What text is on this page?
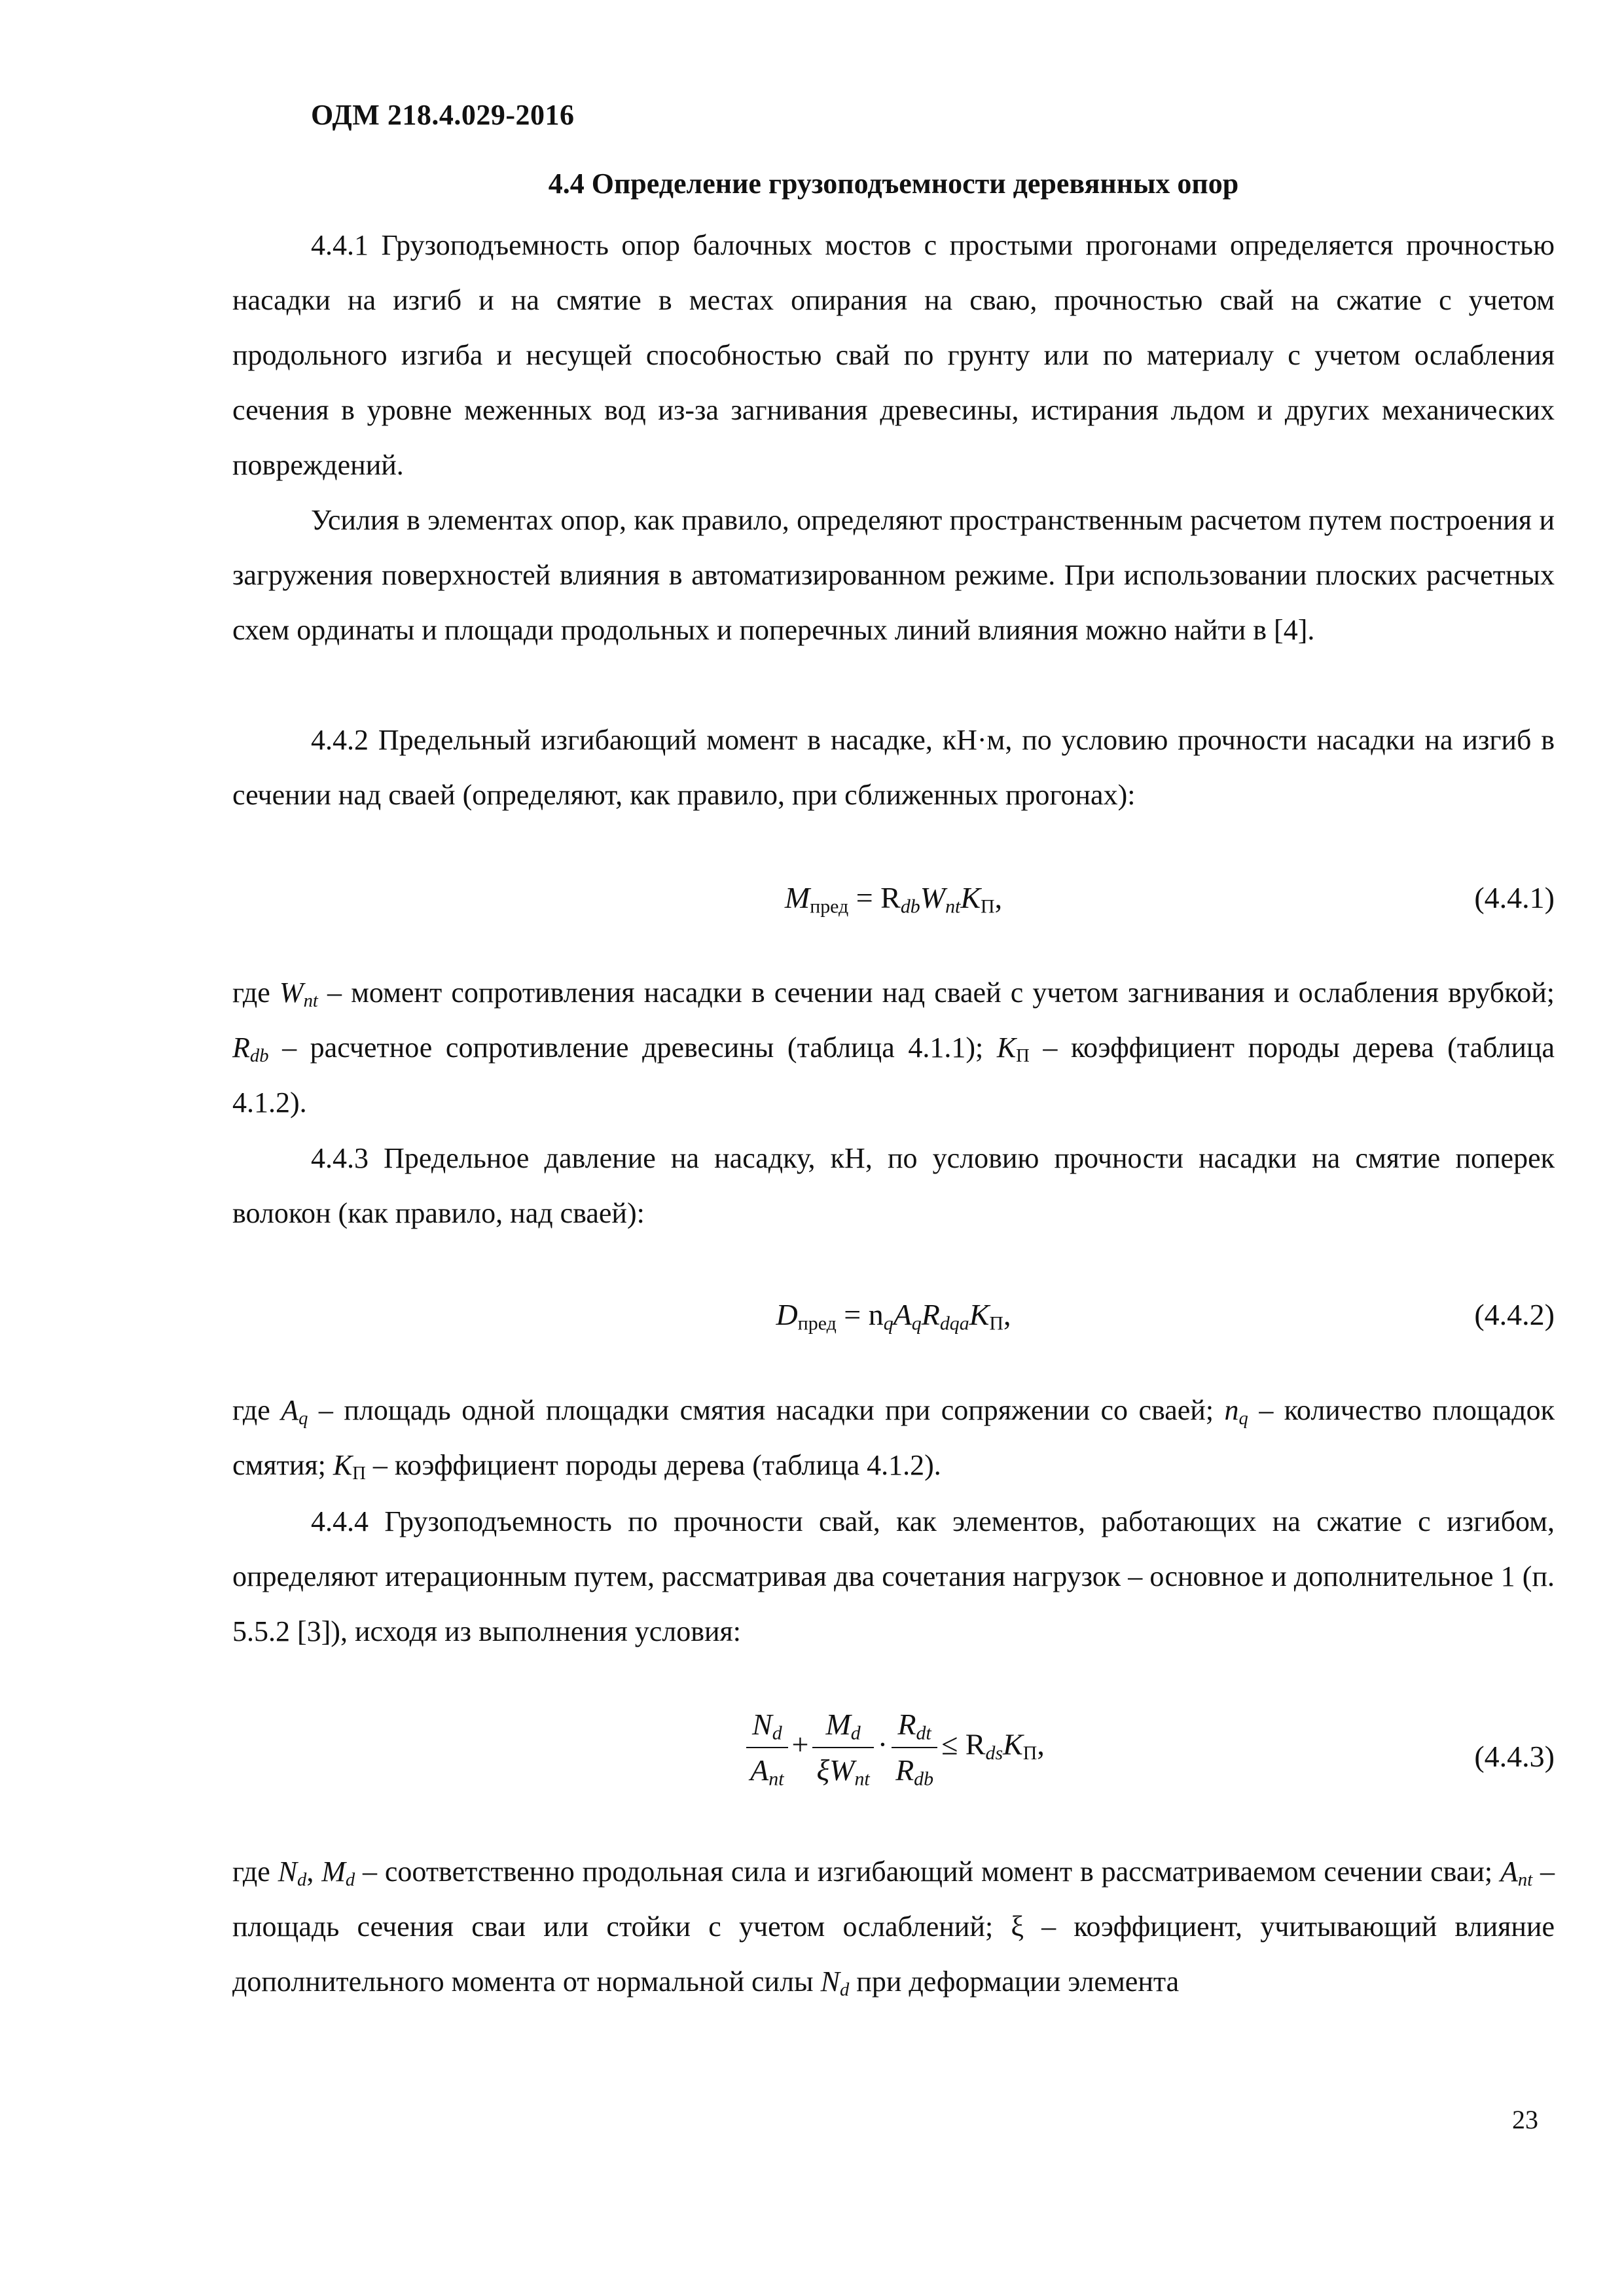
ОДМ 218.4.029-2016
4.4 Определение грузоподъемности деревянных опор
4.4.1 Грузоподъемность опор балочных мостов с простыми прогонами определяется прочностью насадки на изгиб и на смятие в местах опирания на сваю, прочностью свай на сжатие с учетом продольного изгиба и несущей способностью свай по грунту или по материалу с учетом ослабления сечения в уровне меженных вод из-за загнивания древесины, истирания льдом и других механических повреждений.
Усилия в элементах опор, как правило, определяют пространственным расчетом путем построения и загружения поверхностей влияния в автоматизированном режиме. При использовании плоских расчетных схем ординаты и площади продольных и поперечных линий влияния можно найти в [4].
4.4.2 Предельный изгибающий момент в насадке, кН·м, по условию прочности насадки на изгиб в сечении над сваей (определяют, как правило, при сближенных прогонах):
$M_{пред} = R_{db}W_{nt}K_П$,	(4.4.1)
где $W_{nt}$ – момент сопротивления насадки в сечении над сваей с учетом загнивания и ослабления врубкой; $R_{db}$ – расчетное сопротивление древесины (таблица 4.1.1); $K_П$ – коэффициент породы дерева (таблица 4.1.2).
4.4.3 Предельное давление на насадку, кН, по условию прочности насадки на смятие поперек волокон (как правило, над сваей):
$D_{пред} = n_qA_qR_{dqa}K_П$,	(4.4.2)
где $A_q$ – площадь одной площадки смятия насадки при сопряжении со сваей; $n_q$ – количество площадок смятия; $K_П$ – коэффициент породы дерева (таблица 4.1.2).
4.4.4 Грузоподъемность по прочности свай, как элементов, работающих на сжатие с изгибом, определяют итерационным путем, рассматривая два сочетания нагрузок – основное и дополнительное 1 (п. 5.5.2 [3]), исходя из выполнения условия:
$\frac{N_d}{A_{nt}} + \frac{M_d}{\xi W_{nt}} \cdot \frac{R_{dt}}{R_{db}} \le R_{ds}K_П$,	(4.4.3)
где $N_d$, $M_d$ – соответственно продольная сила и изгибающий момент в рассматриваемом сечении сваи; $A_{nt}$ – площадь сечения сваи или стойки с учетом ослаблений; ξ – коэффициент, учитывающий влияние дополнительного момента от нормальной силы $N_d$ при деформации элемента
23
